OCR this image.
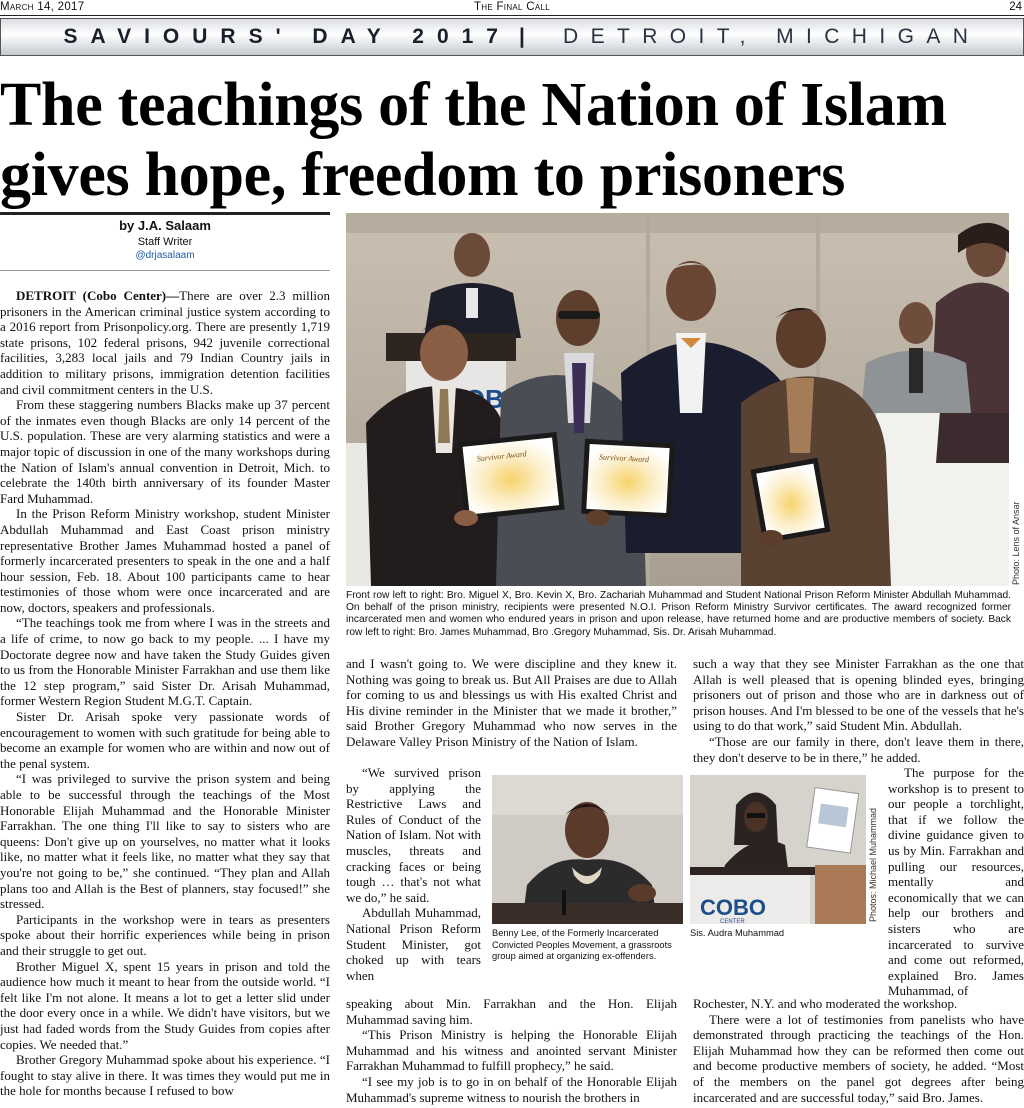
March 14, 2017	The Final Call	24
SAVIOURS' DAY 2017 | DETROIT, MICHIGAN
The teachings of the Nation of Islam gives hope, freedom to prisoners
by J.A. Salaam
Staff Writer
@drjasalaam

DETROIT (Cobo Center)—There are over 2.3 million prisoners in the American criminal justice system according to a 2016 report from Prisonpolicy.org. There are presently 1,719 state prisons, 102 federal prisons, 942 juvenile correctional facilities, 3,283 local jails and 79 Indian Country jails in addition to military prisons, immigration detention facilities and civil commitment centers in the U.S.

From these staggering numbers Blacks make up 37 percent of the inmates even though Blacks are only 14 percent of the U.S. population. These are very alarming statistics and were a major topic of discussion in one of the many workshops during the Nation of Islam's annual convention in Detroit, Mich. to celebrate the 140th birth anniversary of its founder Master Fard Muhammad.

In the Prison Reform Ministry workshop, student Minister Abdullah Muhammad and East Coast prison ministry representative Brother James Muhammad hosted a panel of formerly incarcerated presenters to speak in the one and a half hour session, Feb. 18. About 100 participants came to hear testimonies of those whom were once incarcerated and are now, doctors, speakers and professionals.

“The teachings took me from where I was in the streets and a life of crime, to now go back to my people. ... I have my Doctorate degree now and have taken the Study Guides given to us from the Honorable Minister Farrakhan and use them like the 12 step program,” said Sister Dr. Arisah Muhammad, former Western Region Student M.G.T. Captain.

Sister Dr. Arisah spoke very passionate words of encouragement to women with such gratitude for being able to become an example for women who are within and now out of the penal system.

“I was privileged to survive the prison system and being able to be successful through the teachings of the Most Honorable Elijah Muhammad and the Honorable Minister Farrakhan. The one thing I'll like to say to sisters who are queens: Don't give up on yourselves, no matter what it looks like, no matter what it feels like, no matter what they say that you're not going to be,” she continued. “They plan and Allah plans too and Allah is the Best of planners, stay focused!” she stressed.

Participants in the workshop were in tears as presenters spoke about their horrific experiences while being in prison and their struggle to get out.

Brother Miguel X, spent 15 years in prison and told the audience how much it meant to hear from the outside world. “I felt like I'm not alone. It means a lot to get a letter slid under the door every once in a while. We didn't have visitors, but we just had faded words from the Study Guides from copies after copies. We needed that.”

Brother Gregory Muhammad spoke about his experience. “I fought to stay alive in there. It was times they would put me in the hole for months because I refused to bow

Survivor Award	Survivor Award
Photo: Lens of Ansar
Front row left to right: Bro. Miguel X, Bro. Kevin X, Bro. Zachariah Muhammad and Student National Prison Reform Minister Abdullah Muhammad. On behalf of the prison ministry, recipients were presented N.O.I. Prison Reform Ministry Survivor certificates. The award recognized former incarcerated men and women who endured years in prison and upon release, have returned home and are productive members of society. Back row left to right: Bro. James Muhammad, Bro .Gregory Muhammad, Sis. Dr. Arisah Muhammad.

and I wasn't going to. We were discipline and they knew it. Nothing was going to break us. But All Praises are due to Allah for coming to us and blessings us with His exalted Christ and His divine reminder in the Minister that we made it brother,” said Brother Gregory Muhammad who now serves in the Delaware Valley Prison Ministry of the Nation of Islam.

“We survived prison by applying the Restrictive Laws and Rules of Conduct of the Nation of Islam. Not with muscles, threats and cracking faces or being tough … that's not what we do,” he said.

Abdullah Muhammad, National Prison Reform Student Minister, got choked up with tears when

speaking about Min. Farrakhan and the Hon. Elijah Muhammad saving him.

“This Prison Ministry is helping the Honorable Elijah Muhammad and his witness and anointed servant Minister Farrakhan Muhammad to fulfill prophecy,” he said.

“I see my job is to go in on behalf of the Honorable Elijah Muhammad's supreme witness to nourish the brothers in

Benny Lee, of the Formerly Incarcerated Convicted Peoples Movement, a grassroots group aimed at organizing ex-offenders.
COBO
CENTER	Photos: Michael Muhammad
Sis. Audra Muhammad

such a way that they see Minister Farrakhan as the one that Allah is well pleased that is opening blinded eyes, bringing prisoners out of prison and those who are in darkness out of prison houses. And I'm blessed to be one of the vessels that he's using to do that work,” said Student Min. Abdullah.

“Those are our family in there, don't leave them in there, they don't deserve to be in there,” he added.

The purpose for the workshop is to present to our people a torchlight, that if we follow the divine guidance given to us by Min. Farrakhan and pulling our resources, mentally and economically that we can help our brothers and sisters who are incarcerated to survive and come out reformed, explained Bro. James Muhammad, of

Rochester, N.Y. and who moderated the workshop.

There were a lot of testimonies from panelists who have demonstrated through practicing the teachings of the Hon. Elijah Muhammad how they can be reformed then come out and become productive members of society, he added. “Most of the members on the panel got degrees after being incarcerated and are successful today,” said Bro. James.
